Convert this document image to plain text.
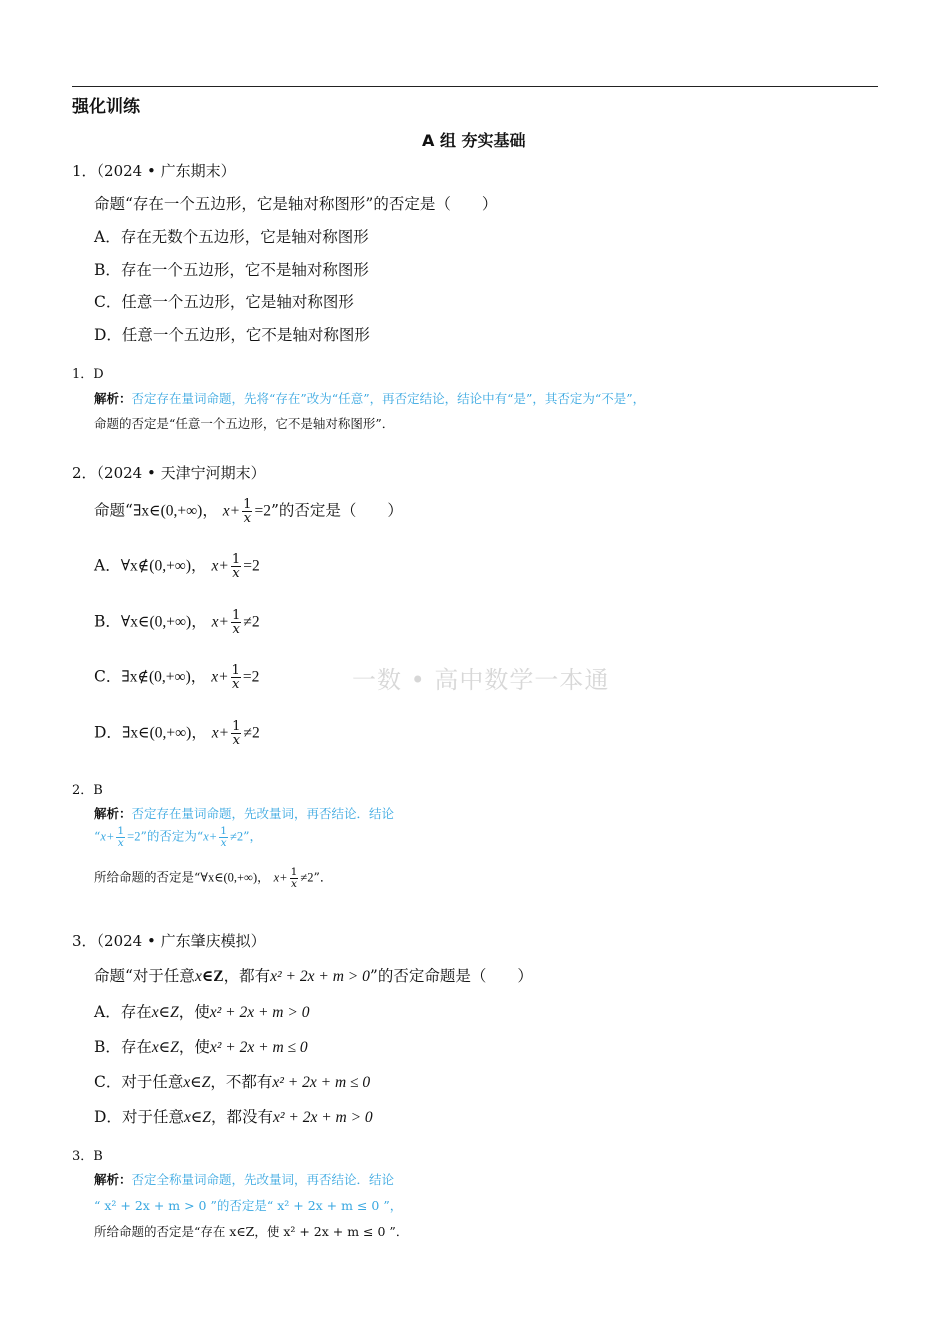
强化训练
A 组 夯实基础
一数 • 高中数学一本通
1．（2024 • 广东期末）
命题“存在一个五边形，它是轴对称图形”的否定是（　　）
A．存在无数个五边形，它是轴对称图形
B．存在一个五边形，它不是轴对称图形
C．任意一个五边形，它是轴对称图形
D．任意一个五边形，它不是轴对称图形
1．D
解析：否定存在量词命题，先将“存在”改为“任意”，再否定结论，结论中有“是”，其否定为“不是”，
命题的否定是“任意一个五边形，它不是轴对称图形”．
2．（2024 • 天津宁河期末）
命题“∃x∈(0,+∞)， $x+ \frac{1}{x} =2$”的否定是（　　）
A．∀x∉(0,+∞)， $x+ \frac{1}{x} =2$
B．∀x∈(0,+∞)， $x+ \frac{1}{x} \ne 2$
C．∃x∉(0,+∞)， $x+ \frac{1}{x} =2$
D．∃x∈(0,+∞)， $x+ \frac{1}{x} \ne 2$
2．B
解析：否定存在量词命题，先改量词，再否结论．结论
“$x+ \frac{1}{x} =2$”的否定为“$x+ \frac{1}{x} \ne 2$”，
所给命题的否定是“∀x∈(0,+∞)， $x+ \frac{1}{x} \ne 2$”．
3．（2024 • 广东肇庆模拟）
命题“对于任意x∈Z，都有x² + 2x + m > 0”的否定命题是（　　）
A．存在x∈Z，使x² + 2x + m > 0
B．存在x∈Z，使x² + 2x + m ≤ 0
C．对于任意x∈Z，不都有x² + 2x + m ≤ 0
D．对于任意x∈Z，都没有x² + 2x + m > 0
3．B
解析：否定全称量词命题，先改量词，再否结论．结论
“ x² + 2x + m > 0 ”的否定是“ x² + 2x + m ≤ 0 ”，
所给命题的否定是“存在 x∈Z，使 x² + 2x + m ≤ 0 ”．
